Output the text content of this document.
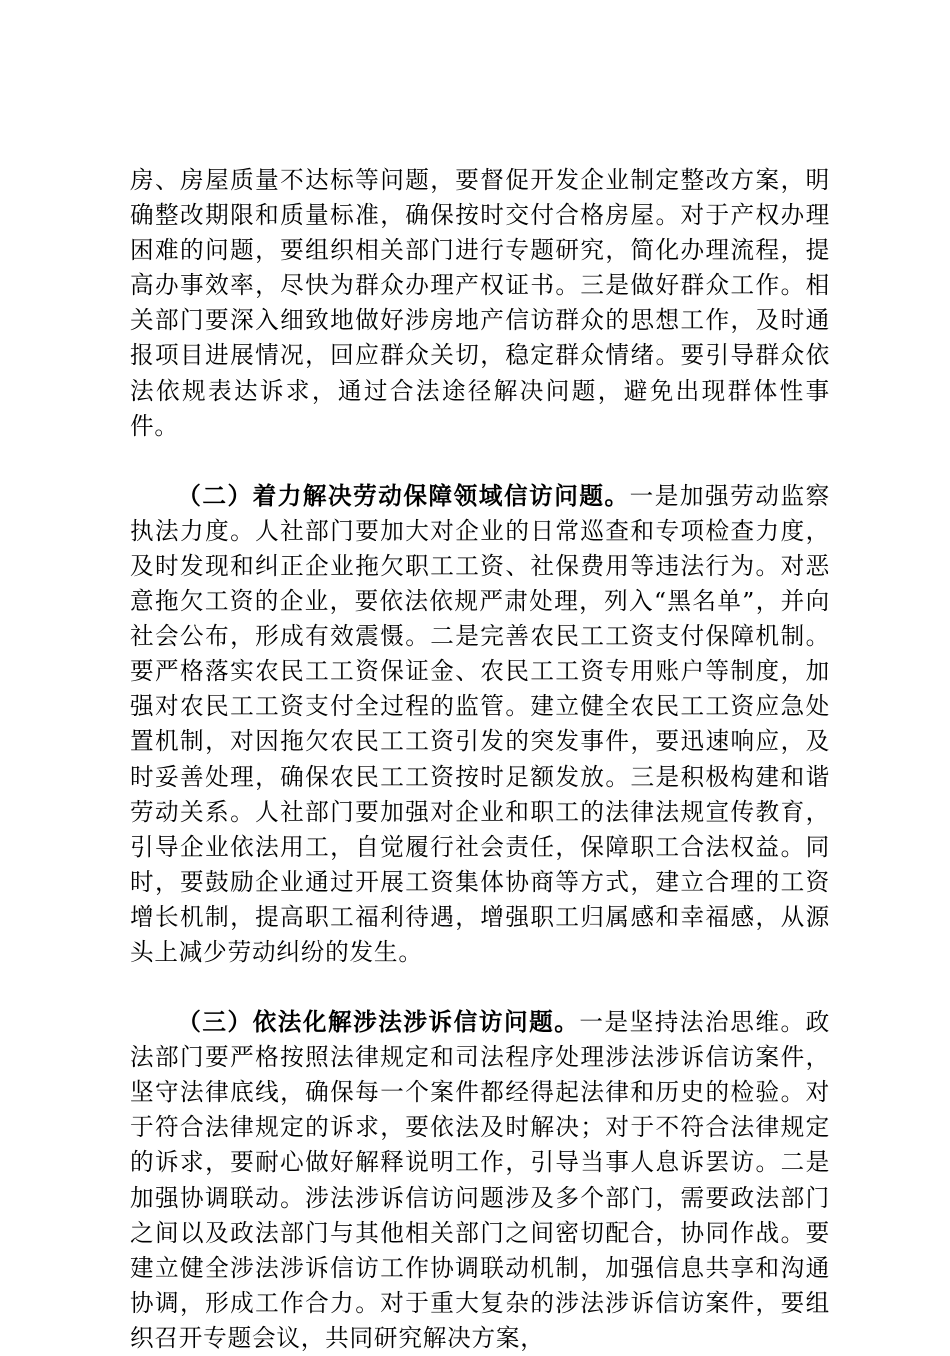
房、房屋质量不达标等问题，要督促开发企业制定整改方案，明确整改期限和质量标准，确保按时交付合格房屋。对于产权办理困难的问题，要组织相关部门进行专题研究，简化办理流程，提高办事效率，尽快为群众办理产权证书。三是做好群众工作。相关部门要深入细致地做好涉房地产信访群众的思想工作，及时通报项目进展情况，回应群众关切，稳定群众情绪。要引导群众依法依规表达诉求，通过合法途径解决问题，避免出现群体性事件。

（二）着力解决劳动保障领域信访问题。一是加强劳动监察执法力度。人社部门要加大对企业的日常巡查和专项检查力度，及时发现和纠正企业拖欠职工工资、社保费用等违法行为。对恶意拖欠工资的企业，要依法依规严肃处理，列入“黑名单”，并向社会公布，形成有效震慑。二是完善农民工工资支付保障机制。要严格落实农民工工资保证金、农民工工资专用账户等制度，加强对农民工工资支付全过程的监管。建立健全农民工工资应急处置机制，对因拖欠农民工工资引发的突发事件，要迅速响应，及时妥善处理，确保农民工工资按时足额发放。三是积极构建和谐劳动关系。人社部门要加强对企业和职工的法律法规宣传教育，引导企业依法用工，自觉履行社会责任，保障职工合法权益。同时，要鼓励企业通过开展工资集体协商等方式，建立合理的工资增长机制，提高职工福利待遇，增强职工归属感和幸福感，从源头上减少劳动纠纷的发生。

（三）依法化解涉法涉诉信访问题。一是坚持法治思维。政法部门要严格按照法律规定和司法程序处理涉法涉诉信访案件，坚守法律底线，确保每一个案件都经得起法律和历史的检验。对于符合法律规定的诉求，要依法及时解决；对于不符合法律规定的诉求，要耐心做好解释说明工作，引导当事人息诉罢访。二是加强协调联动。涉法涉诉信访问题涉及多个部门，需要政法部门之间以及政法部门与其他相关部门之间密切配合，协同作战。要建立健全涉法涉诉信访工作协调联动机制，加强信息共享和沟通协调，形成工作合力。对于重大复杂的涉法涉诉信访案件，要组织召开专题会议，共同研究解决方案，
